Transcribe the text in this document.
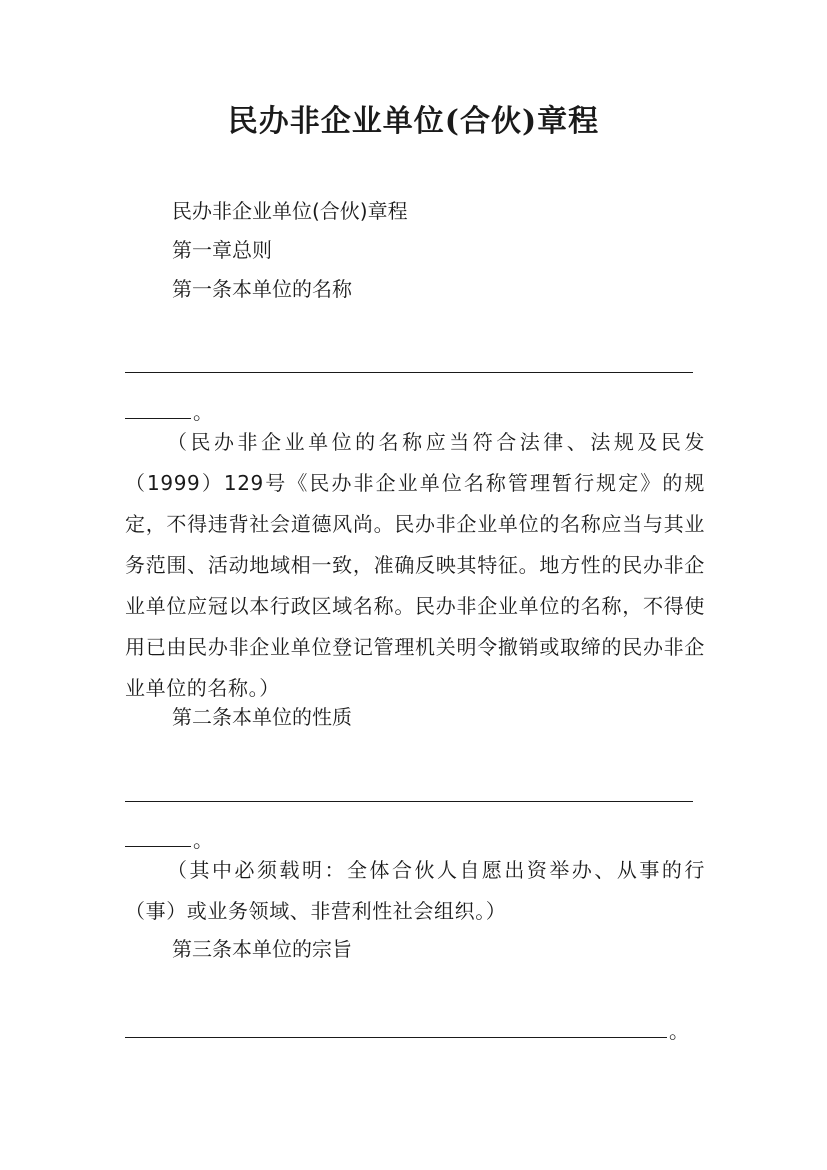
民办非企业单位(合伙)章程
民办非企业单位(合伙)章程
第一章总则
第一条本单位的名称
。
（民办非企业单位的名称应当符合法律、法规及民发（1999）129号《民办非企业单位名称管理暂行规定》的规定，不得违背社会道德风尚。民办非企业单位的名称应当与其业务范围、活动地域相一致，准确反映其特征。地方性的民办非企业单位应冠以本行政区域名称。民办非企业单位的名称，不得使用已由民办非企业单位登记管理机关明令撤销或取缔的民办非企业单位的名称。）
第二条本单位的性质
。
（其中必须载明：全体合伙人自愿出资举办、从事的行（事）或业务领域、非营利性社会组织。）
第三条本单位的宗旨
。
